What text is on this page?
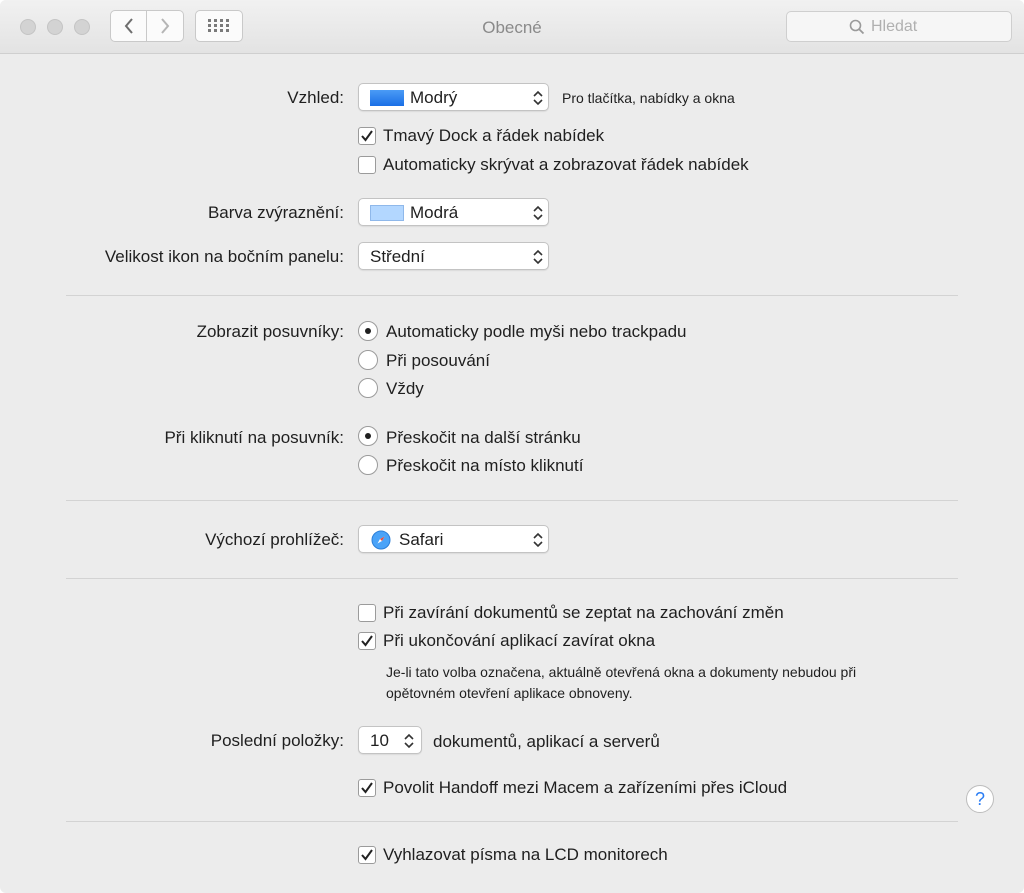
Obecné	Hledat
Vzhled:	Modrý	Pro tlačítka, nabídky a okna
Tmavý Dock a řádek nabídek
Automaticky skrývat a zobrazovat řádek nabídek
Barva zvýraznění:	Modrá
Velikost ikon na bočním panelu: Střední
Zobrazit posuvníky: Automaticky podle myši nebo trackpadu
Při posouvání
Vždy
Při kliknutí na posuvník: Přeskočit na další stránku
Přeskočit na místo kliknutí
Výchozí prohlížeč:	Safari
Při zavírání dokumentů se zeptat na zachování změn
Při ukončování aplikací zavírat okna
Je-li tato volba označena, aktuálně otevřená okna a dokumenty nebudou při
opětovném otevření aplikace obnoveny.
Poslední položky: 10	dokumentů, aplikací a serverů
Povolit Handoff mezi Macem a zařízeními přes iCloud
Vyhlazovat písma na LCD monitorech
?
